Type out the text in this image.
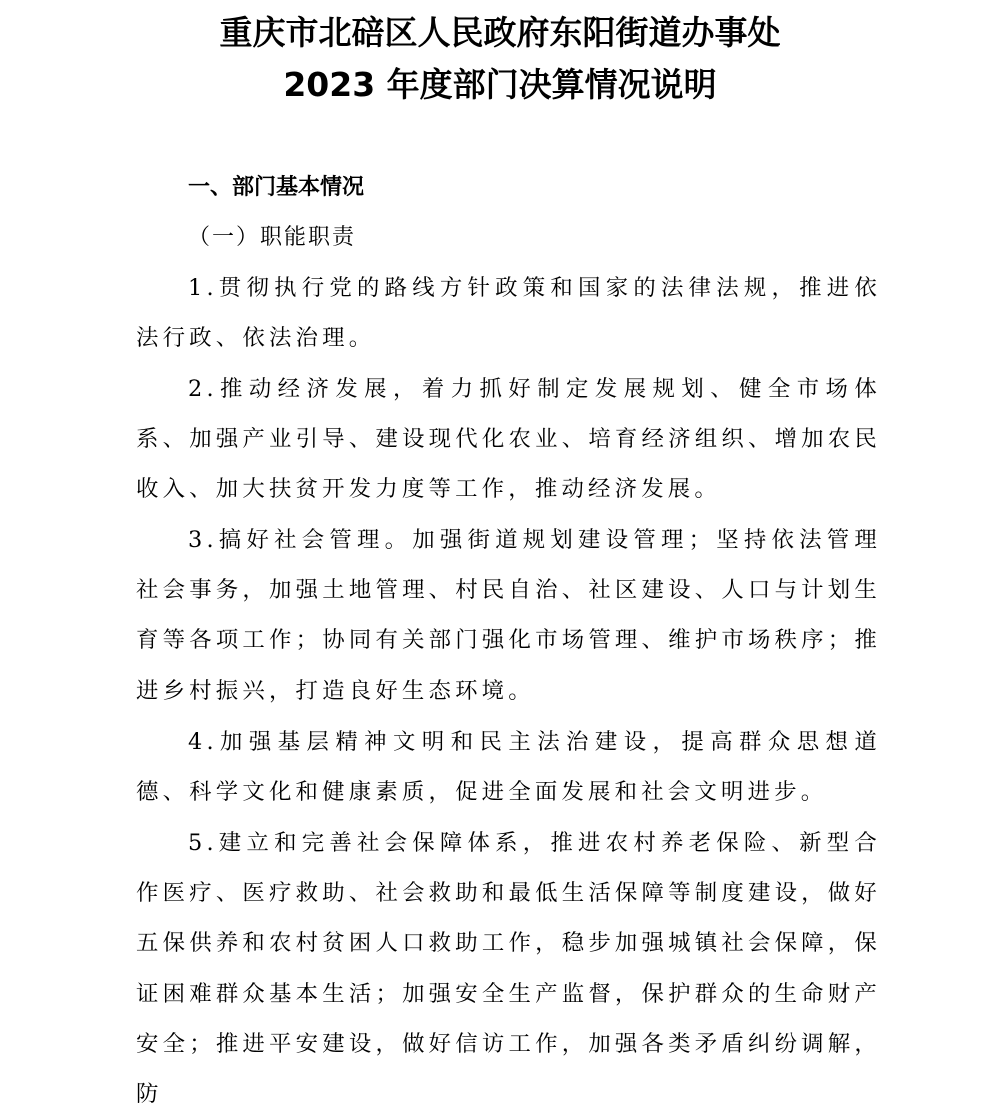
重庆市北碚区人民政府东阳街道办事处
2023 年度部门决算情况说明
一、部门基本情况
（一）职能职责

1.贯彻执行党的路线方针政策和国家的法律法规，推进依法行政、依法治理。

2.推动经济发展，着力抓好制定发展规划、健全市场体系、加强产业引导、建设现代化农业、培育经济组织、增加农民收入、加大扶贫开发力度等工作，推动经济发展。

3.搞好社会管理。加强街道规划建设管理；坚持依法管理社会事务，加强土地管理、村民自治、社区建设、人口与计划生育等各项工作；协同有关部门强化市场管理、维护市场秩序；推进乡村振兴，打造良好生态环境。

4.加强基层精神文明和民主法治建设，提高群众思想道德、科学文化和健康素质，促进全面发展和社会文明进步。

5.建立和完善社会保障体系，推进农村养老保险、新型合作医疗、医疗救助、社会救助和最低生活保障等制度建设，做好五保供养和农村贫困人口救助工作，稳步加强城镇社会保障，保证困难群众基本生活；加强安全生产监督，保护群众的生命财产安全；推进平安建设，做好信访工作，加强各类矛盾纠纷调解，防
